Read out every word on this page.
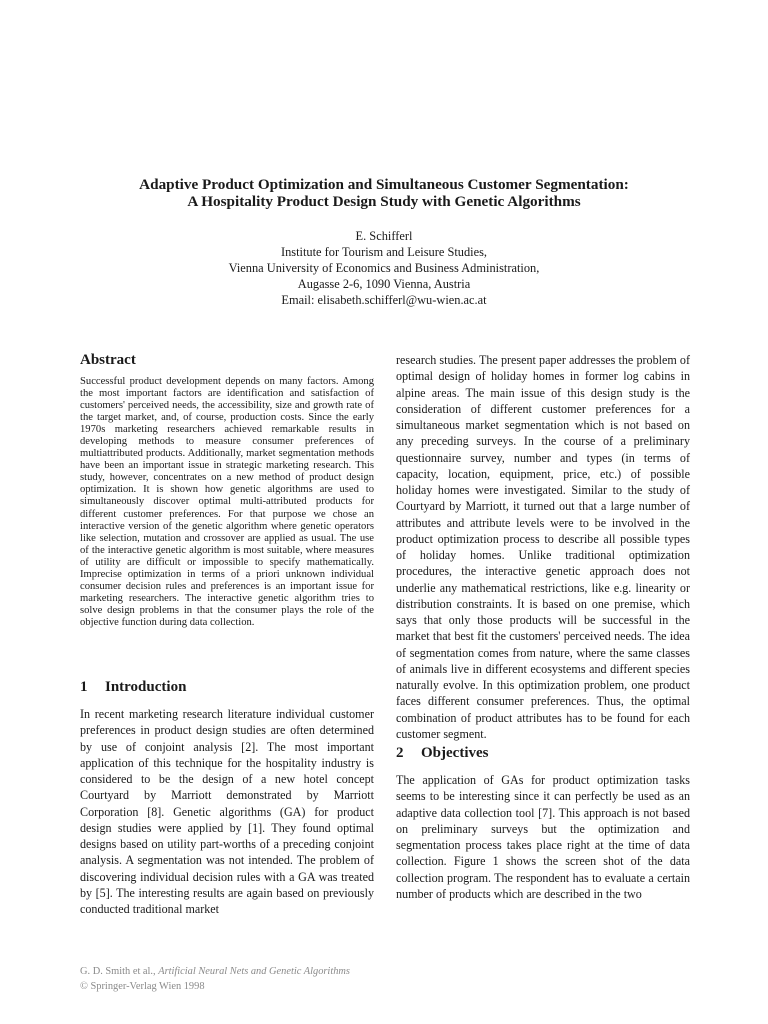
Adaptive Product Optimization and Simultaneous Customer Segmentation:
A Hospitality Product Design Study with Genetic Algorithms
E. Schifferl
Institute for Tourism and Leisure Studies,
Vienna University of Economics and Business Administration,
Augasse 2-6, 1090 Vienna, Austria
Email: elisabeth.schifferl@wu-wien.ac.at
Abstract

Successful product development depends on many factors. Among the most important factors are identification and satisfaction of customers' perceived needs, the accessibility, size and growth rate of the target market, and, of course, production costs. Since the early 1970s marketing researchers achieved remarkable results in developing methods to measure consumer preferences of multiattributed products. Additionally, market segmentation methods have been an important issue in strategic marketing research. This study, however, concentrates on a new method of product design optimization. It is shown how genetic algorithms are used to simultaneously discover optimal multi-attributed products for different customer preferences. For that purpose we chose an interactive version of the genetic algorithm where genetic operators like selection, mutation and crossover are applied as usual. The use of the interactive genetic algorithm is most suitable, where measures of utility are difficult or impossible to specify mathematically. Imprecise optimization in terms of a priori unknown individual consumer decision rules and preferences is an important issue for marketing researchers. The interactive genetic algorithm tries to solve design problems in that the consumer plays the role of the objective function during data collection.

1 Introduction

In recent marketing research literature individual customer preferences in product design studies are often determined by use of conjoint analysis [2]. The most important application of this technique for the hospitality industry is considered to be the design of a new hotel concept Courtyard by Marriott demonstrated by Marriott Corporation [8]. Genetic algorithms (GA) for product design studies were applied by [1]. They found optimal designs based on utility part-worths of a preceding conjoint analysis. A segmentation was not intended. The problem of discovering individual decision rules with a GA was treated by [5]. The interesting results are again based on previously conducted traditional market

research studies. The present paper addresses the problem of optimal design of holiday homes in former log cabins in alpine areas. The main issue of this design study is the consideration of different customer preferences for a simultaneous market segmentation which is not based on any preceding surveys. In the course of a preliminary questionnaire survey, number and types (in terms of capacity, location, equipment, price, etc.) of possible holiday homes were investigated. Similar to the study of Courtyard by Marriott, it turned out that a large number of attributes and attribute levels were to be involved in the product optimization process to describe all possible types of holiday homes. Unlike traditional optimization procedures, the interactive genetic approach does not underlie any mathematical restrictions, like e.g. linearity or distribution constraints. It is based on one premise, which says that only those products will be successful in the market that best fit the customers' perceived needs. The idea of segmentation comes from nature, where the same classes of animals live in different ecosystems and different species naturally evolve. In this optimization problem, one product faces different consumer preferences. Thus, the optimal combination of product attributes has to be found for each customer segment.

2 Objectives

The application of GAs for product optimization tasks seems to be interesting since it can perfectly be used as an adaptive data collection tool [7]. This approach is not based on preliminary surveys but the optimization and segmentation process takes place right at the time of data collection. Figure 1 shows the screen shot of the data collection program. The respondent has to evaluate a certain number of products which are described in the two

G. D. Smith et al., Artificial Neural Nets and Genetic Algorithms
© Springer-Verlag Wien 1998
